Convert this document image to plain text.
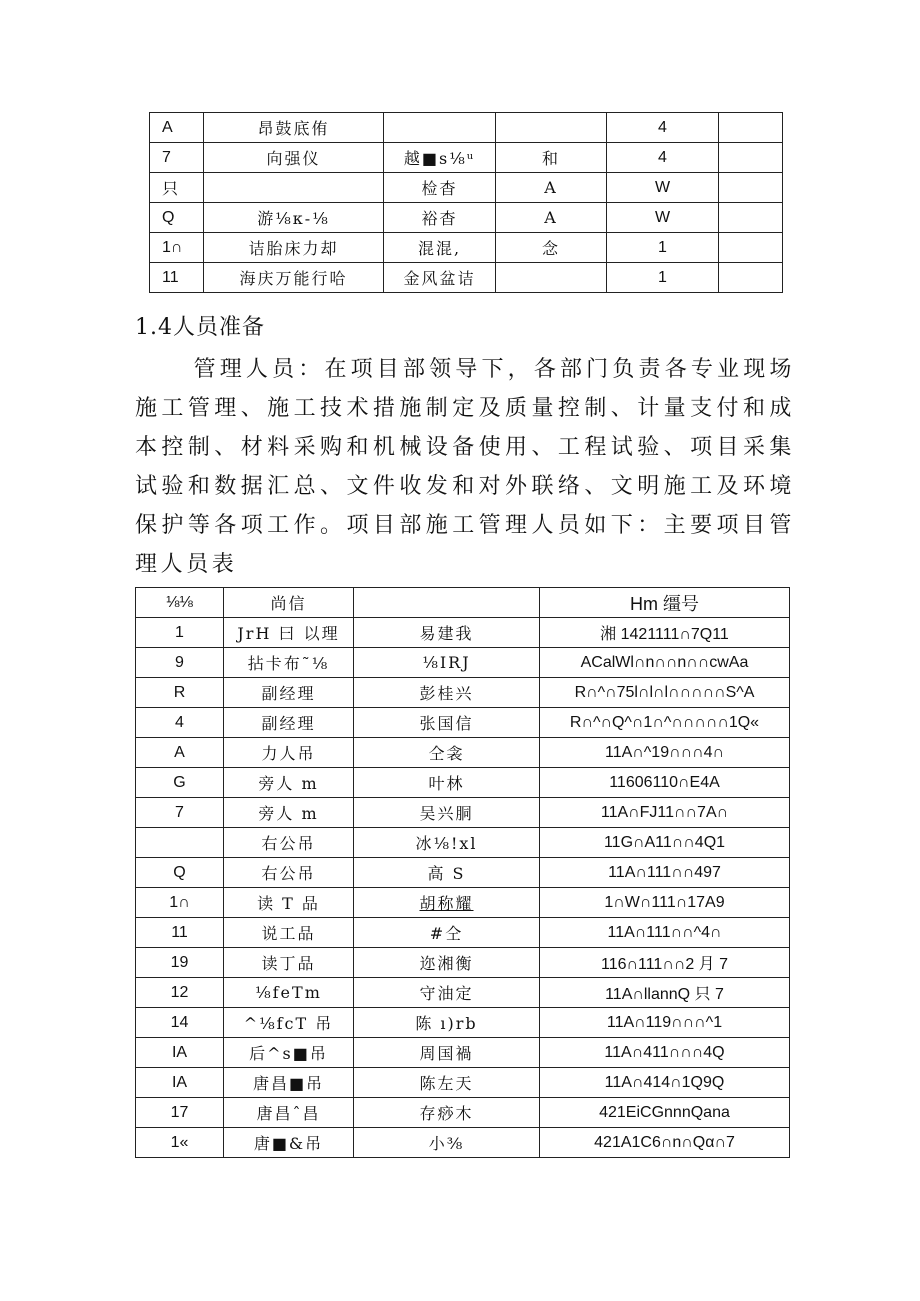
A	昂鼓底侑			4	
7	向强仪	越■s⅛ᵘ	和	4	
只		检杳	A	W	
Q	游⅛κ-⅛	裕杳	A	W	
1∩	诘胎床力却	混混,	念	1	
11	海庆万能行哈	金风盆诘		1	
1.4人员准备
管理人员：在项目部领导下，各部门负责各专业现场施工管理、施工技术措施制定及质量控制、计量支付和成本控制、材料采购和机械设备使用、工程试验、项目采集试验和数据汇总、文件收发和对外联络、文明施工及环境保护等各项工作。项目部施工管理人员如下：主要项目管理人员表
⅛⅛	尚信		Hm 缰号
1	JrH 曰 以理	易建我	湘 1421111∩7Q11
9	拈卡布˜⅛	⅛IRJ	ACalWl∩n∩∩n∩∩cwAa
R	副经理	彭桂兴	R∩^∩75l∩l∩l∩∩∩∩∩S^A
4	副经理	张国信	R∩^∩Q^∩1∩^∩∩∩∩∩1Q«
A	力人吊	仝衾	11A∩^19∩∩∩4∩
G	旁人 m	叶林	11606110∩E4A
7	旁人 m	吴兴胴	11A∩FJ11∩∩7A∩
	右公吊	冰⅛!xl	11G∩A11∩∩4Q1
Q	右公吊	高 S	11A∩111∩∩497
1∩	读 T 品	胡称耀	1∩W∩111∩17A9
11	说工品	#仝	11A∩111∩∩^4∩
19	读丁品	迩湘衡	116∩111∩∩2 月 7
12	⅛feTm	守油定	11A∩llannQ 只 7
14	^⅛fcT 吊	陈 ı)rb	11A∩119∩∩∩^1
IA	后^s■吊	周国禍	11A∩411∩∩∩4Q
IA	唐昌■吊	陈左天	11A∩414∩1Q9Q
17	唐昌ˆ昌	存痧木	421EiCGnnnQana
1«	唐■&吊	小⅜	421A1C6∩n∩Qα∩7
